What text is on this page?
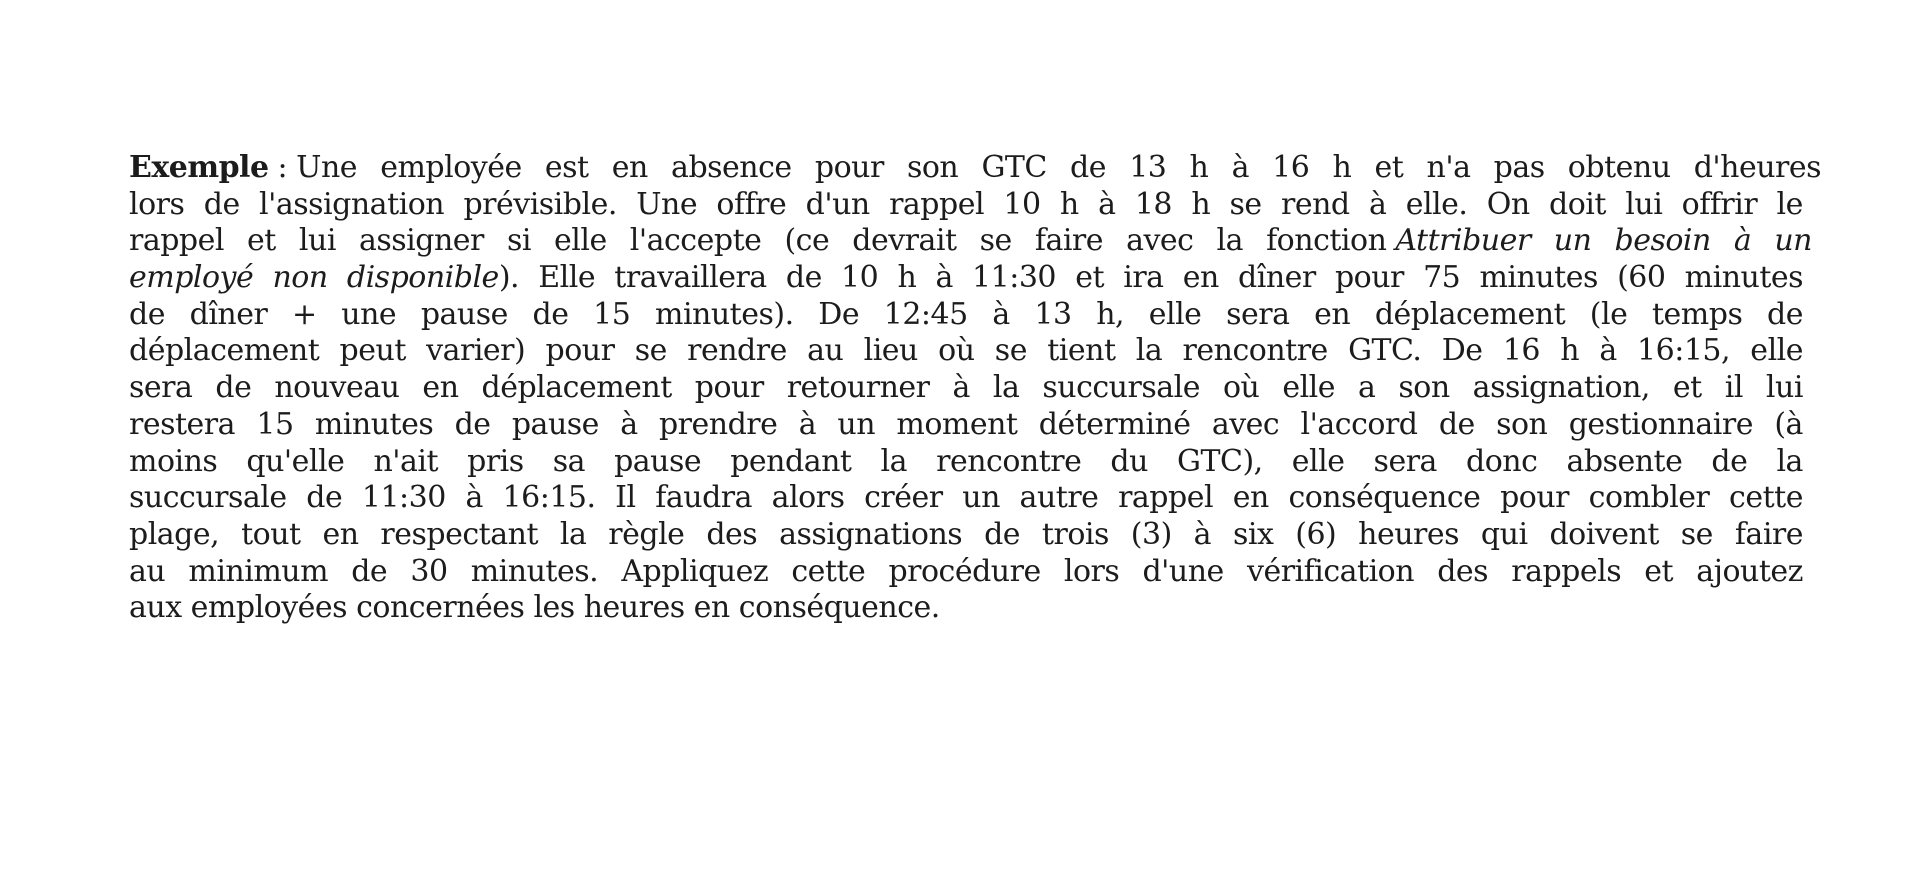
Exemple : Une employée est en absence pour son GTC de 13 h à 16 h et n'a pas obtenu d'heures
lors de l'assignation prévisible. Une offre d'un rappel 10 h à 18 h se rend à elle. On doit lui offrir le
rappel et lui assigner si elle l'accepte (ce devrait se faire avec la fonction Attribuer un besoin à un
employé non disponible ). Elle travaillera de 10 h à 11:30 et ira en dîner pour 75 minutes (60 minutes
de dîner + une pause de 15 minutes). De 12:45 à 13 h, elle sera en déplacement (le temps de
déplacement peut varier) pour se rendre au lieu où se tient la rencontre GTC. De 16 h à 16:15, elle
sera de nouveau en déplacement pour retourner à la succursale où elle a son assignation, et il lui
restera 15 minutes de pause à prendre à un moment déterminé avec l'accord de son gestionnaire (à
moins qu'elle n'ait pris sa pause pendant la rencontre du GTC), elle sera donc absente de la
succursale de 11:30 à 16:15. Il faudra alors créer un autre rappel en conséquence pour combler cette
plage, tout en respectant la règle des assignations de trois (3) à six (6) heures qui doivent se faire
au minimum de 30 minutes. Appliquez cette procédure lors d'une vérification des rappels et ajoutez
aux employées concernées les heures en conséquence.
